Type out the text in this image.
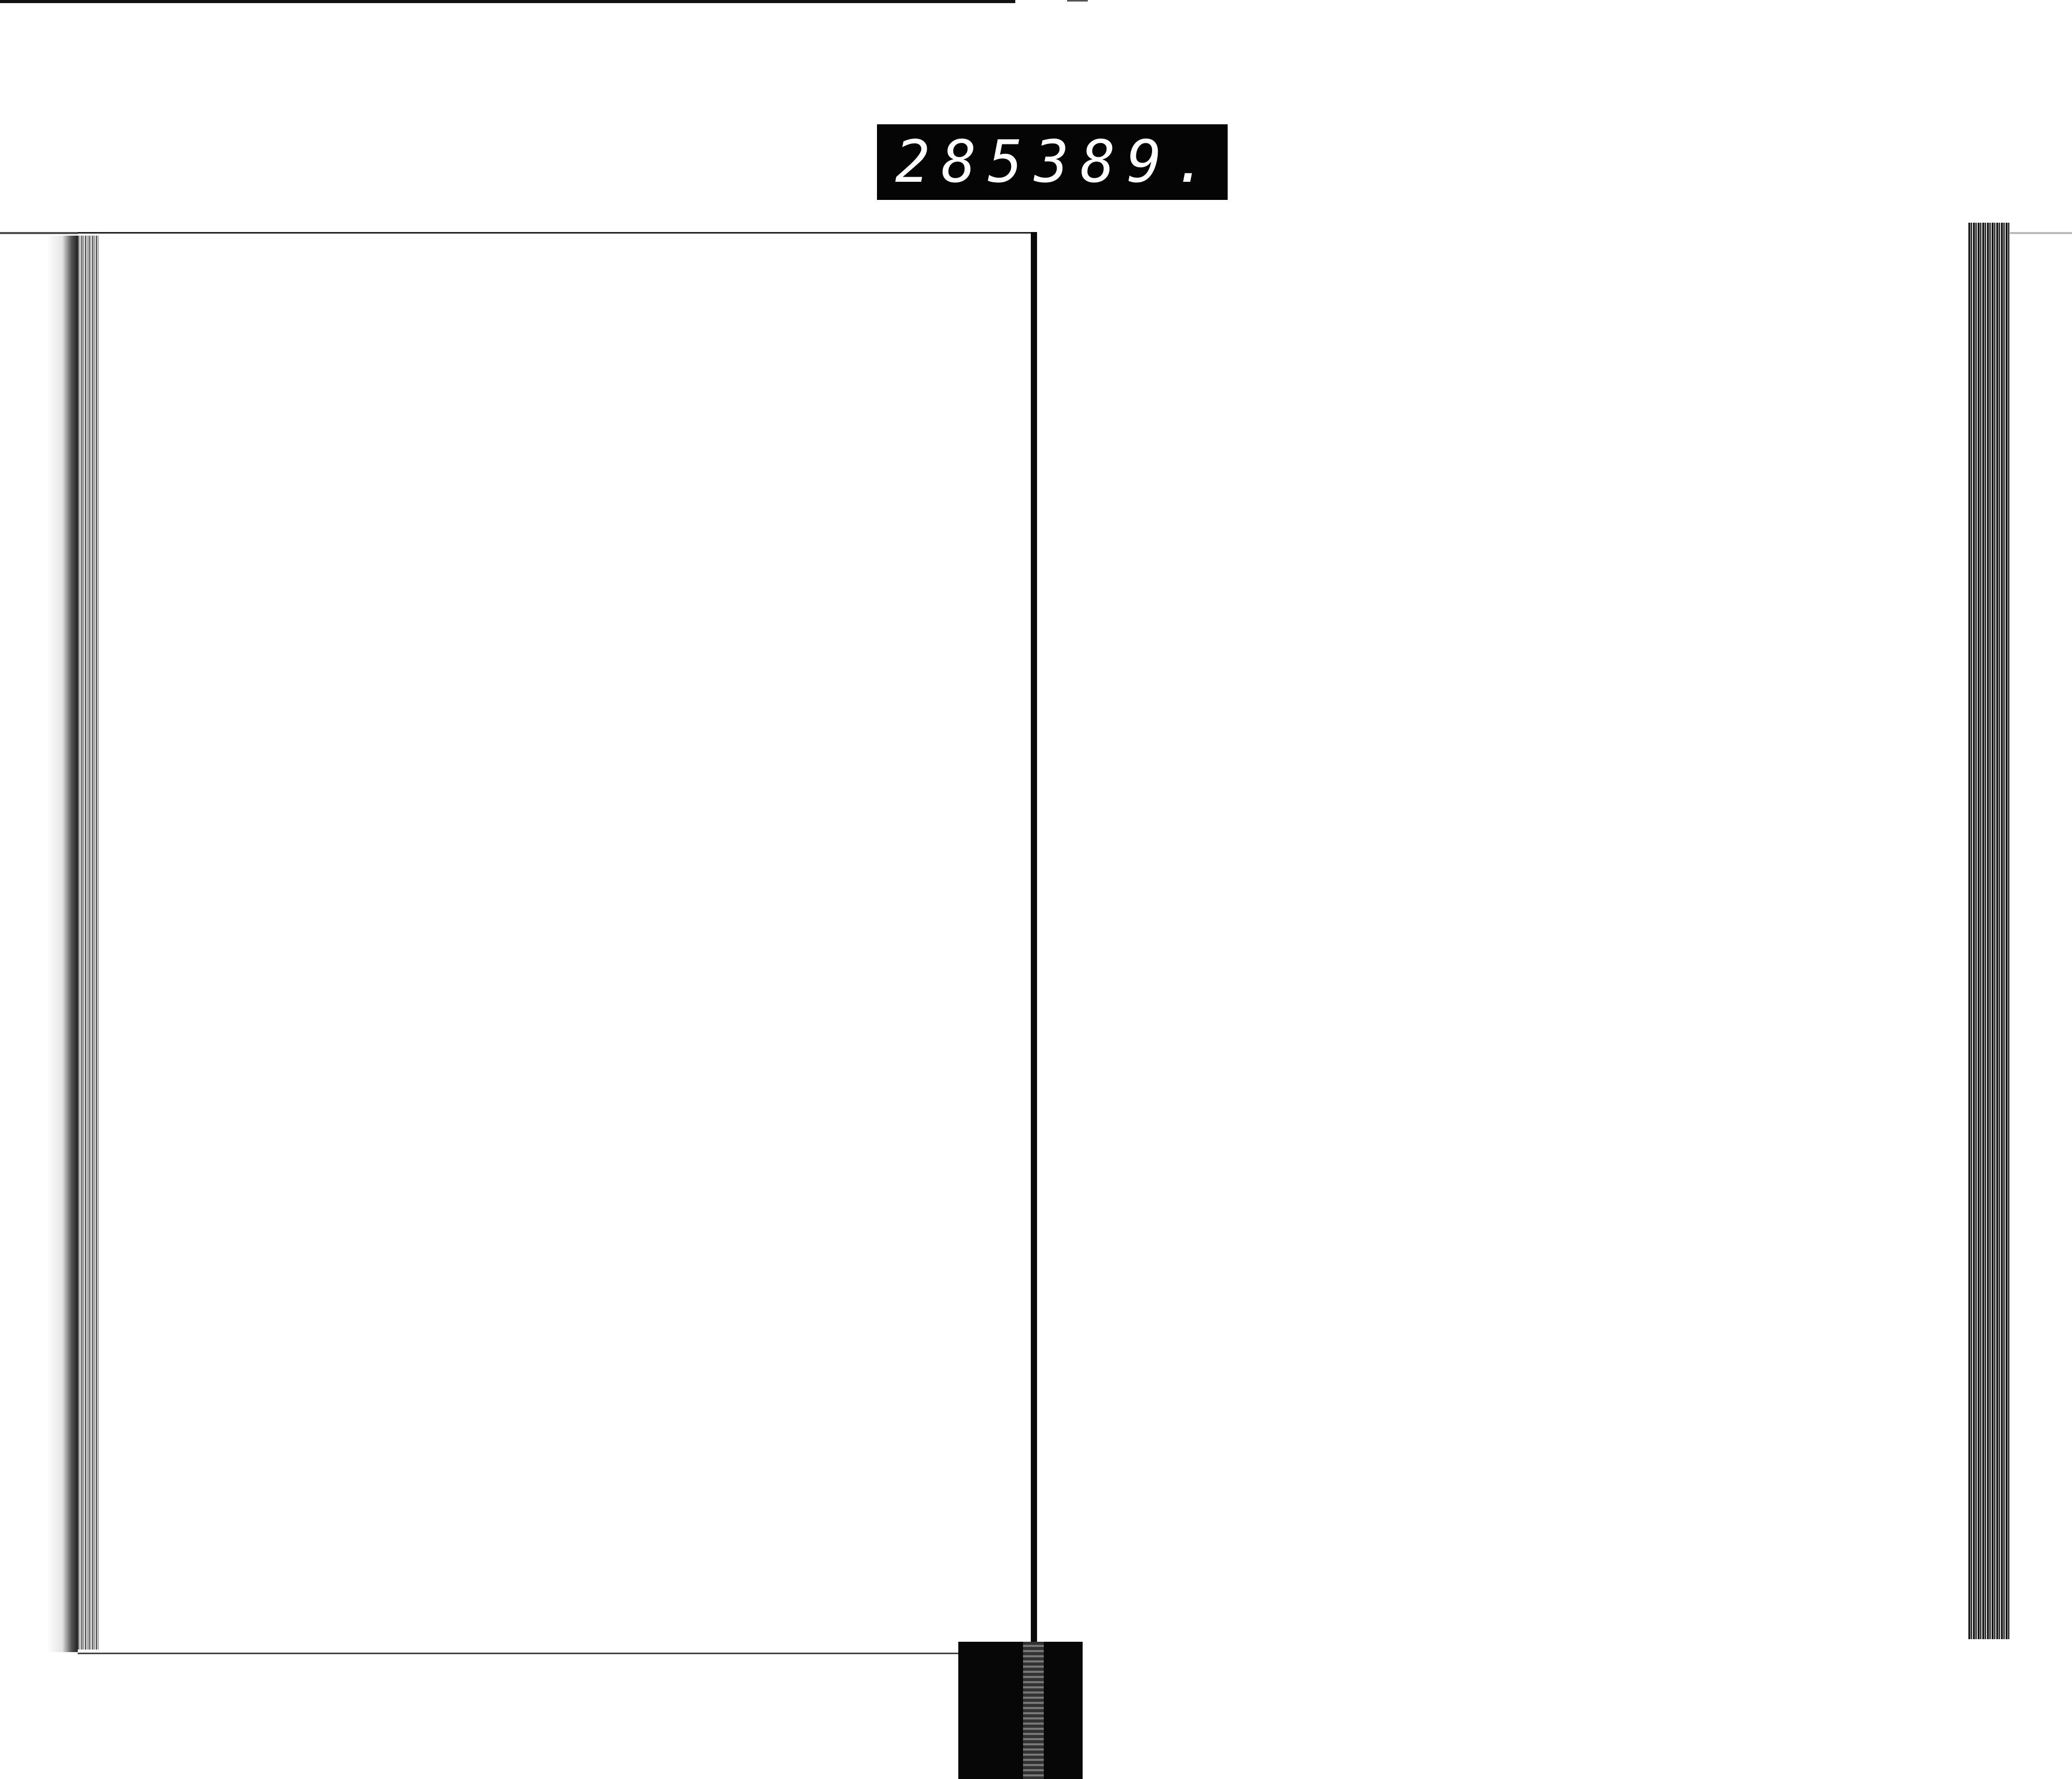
285 389.
